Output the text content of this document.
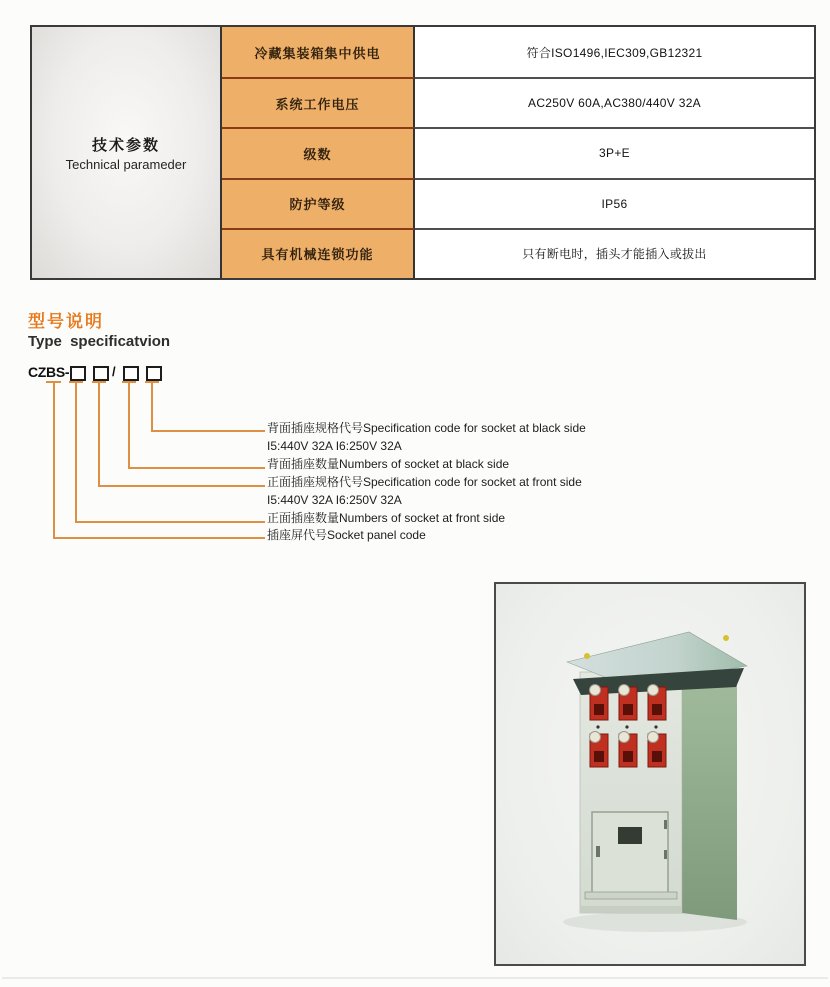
技术参数
Technical parameder
冷藏集装箱集中供电	符合ISO1496,IEC309,GB12321
系统工作电压	AC250V 60A,AC380/440V 32A
级数	3P+E
防护等级	IP56
具有机械连锁功能	只有断电时，插头才能插入或拔出
型号说明
Type specificatvion
CZBS-	/
背面插座规格代号Specification code for socket at black side
I5:440V 32A I6:250V 32A
背面插座数量Numbers of socket at black side
正面插座规格代号Specification code for socket at front side
I5:440V 32A I6:250V 32A
正面插座数量Numbers of socket at front side
插座屏代号Socket panel code
